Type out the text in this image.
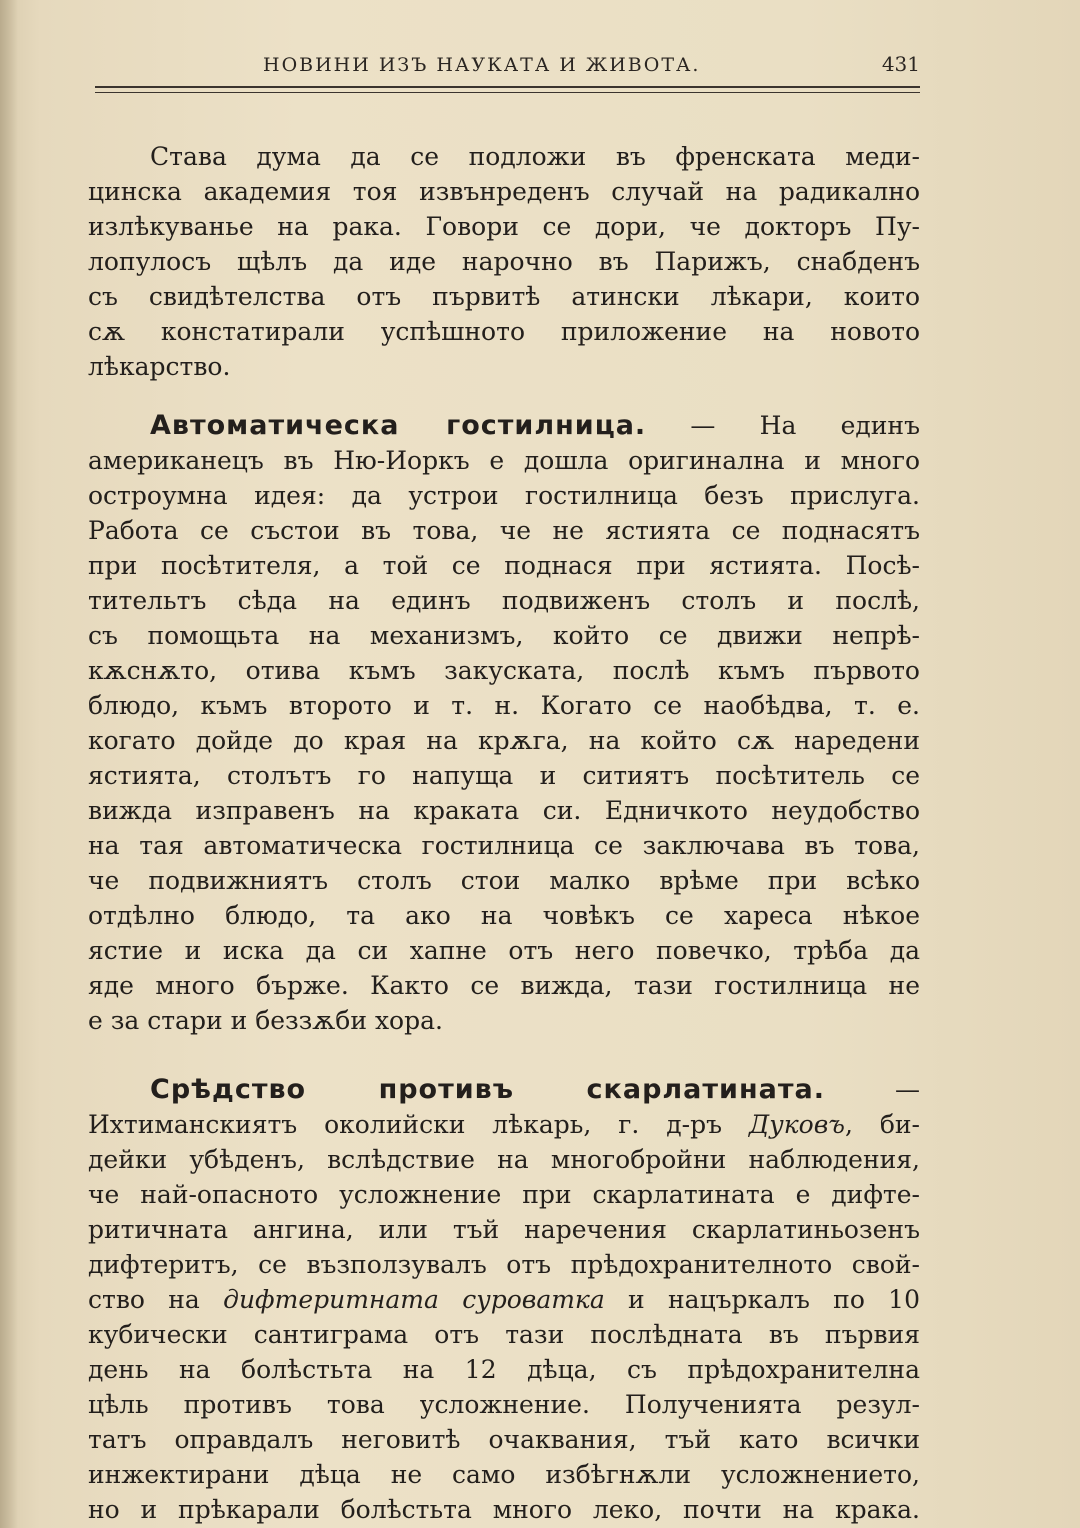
НОВИНИ ИЗЪ НАУКАТА И ЖИВОТА.	431
Става дума да се подложи въ френската меди-
цинска академия тоя извънреденъ случай на радикално
излѣкуванье на рака. Говори се дори, че докторъ Пу-
лопулосъ щѣлъ да иде нарочно въ Парижъ, снабденъ
съ свидѣтелства отъ първитѣ атински лѣкари, които
сѫ констатирали успѣшното приложение на новото
лѣкарство.
Автоматическа гостилница. — На единъ
американецъ въ Ню-Иоркъ е дошла оригинална и много
остроумна идея: да устрои гостилница безъ прислуга.
Работа се състои въ това, че не ястията се поднасятъ
при посѣтителя, а той се поднася при ястията. Посѣ-
тительтъ сѣда на единъ подвиженъ столъ и послѣ,
съ помощьта на механизмъ, който се движи непрѣ-
кѫснѫто, отива къмъ закуската, послѣ къмъ първото
блюдо, къмъ второто и т. н. Когато се наобѣдва, т. е.
когато дойде до края на крѫга, на който сѫ наредени
ястията, столътъ го напуща и ситиятъ посѣтитель се
вижда изправенъ на краката си. Едничкото неудобство
на тая автоматическа гостилница се заключава въ това,
че подвижниятъ столъ стои малко врѣме при всѣко
отдѣлно блюдо, та ако на човѣкъ се хареса нѣкое
ястие и иска да си хапне отъ него повечко, трѣба да
яде много бърже. Както се вижда, тази гостилница не
е за стари и беззѫби хора.
Срѣдство противъ скарлатината. —
Ихтиманскиятъ околийски лѣкарь, г. д-ръ Дуковъ, би-
дейки убѣденъ, вслѣдствие на многобройни наблюдения,
че най-опасното усложнение при скарлатината е дифте-
ритичната ангина, или тъй наречения скарлатиньозенъ
дифтеритъ, се възползувалъ отъ прѣдохранителното свой-
ство на дифтеритната суроватка и нацъркалъ по 10
кубически сантиграма отъ тази послѣдната въ първия
день на болѣстьта на 12 дѣца, съ прѣдохранителна
цѣль противъ това усложнение. Полученията резул-
татъ оправдалъ неговитѣ очаквания, тъй като всички
инжектирани дѣца не само избѣгнѫли усложнението,
но и прѣкарали болѣстьта много леко, почти на крака.
